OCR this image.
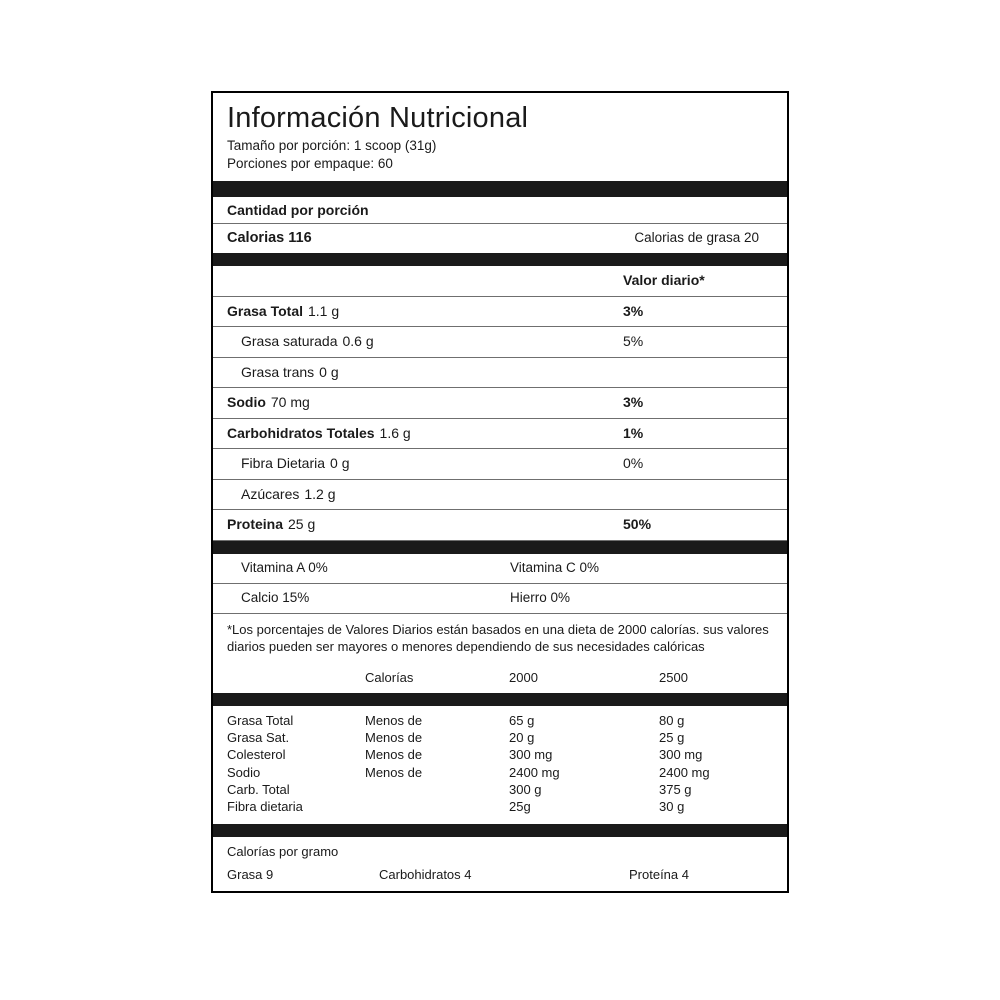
Información Nutricional
Tamaño por porción: 1 scoop (31g)
Porciones por empaque: 60
Cantidad por porción
Calorias 116	Calorias de grasa 20
Valor diario*
Grasa Total 1.1 g	3%
Grasa saturada 0.6 g	5%
Grasa trans 0 g
Sodio 70 mg	3%
Carbohidratos Totales 1.6 g	1%
Fibra Dietaria 0 g	0%
Azúcares 1.2 g
Proteina 25 g	50%
Vitamina A 0%	Vitamina C 0%
Calcio 15%	Hierro 0%
*Los porcentajes de Valores Diarios están basados en una dieta de 2000 calorías. sus valores diarios pueden ser mayores o menores dependiendo de sus necesidades calóricas
	Calorías	2000	2500
Grasa Total	Menos de	65 g	80 g
Grasa Sat.	Menos de	20 g	25 g
Colesterol	Menos de	300 mg	300 mg
Sodio	Menos de	2400 mg	2400 mg
Carb. Total		300 g	375 g
Fibra dietaria		25g	30 g
Calorías por gramo
Grasa 9	Carbohidratos 4	Proteína 4
